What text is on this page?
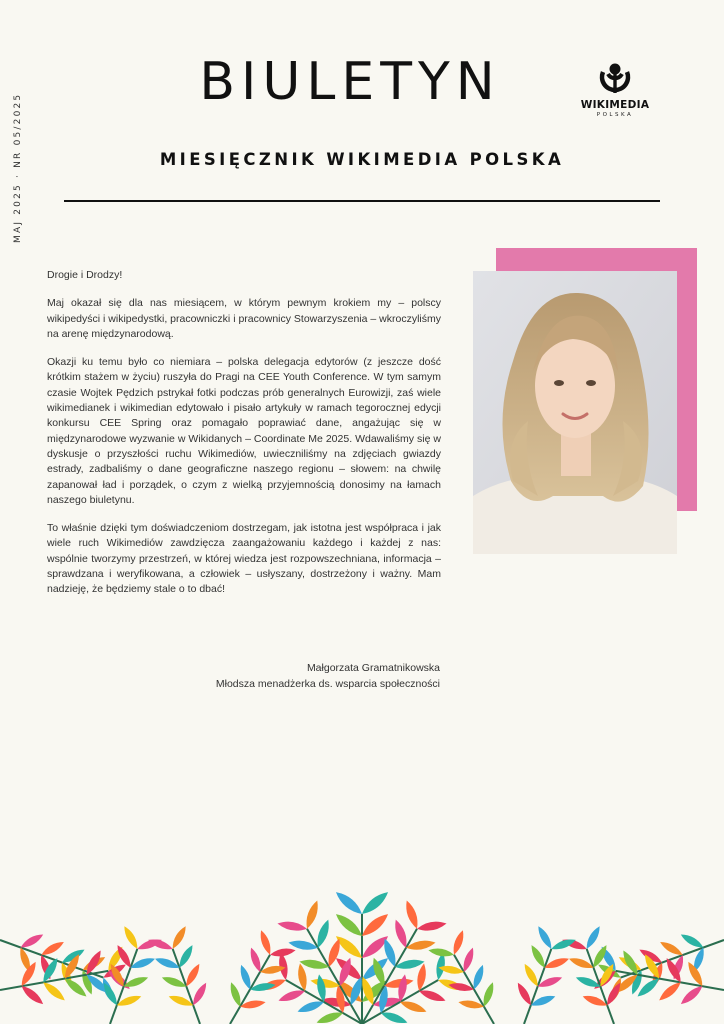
MAJ 2025 · NR 05/2025
BIULETYN	WIKIMEDIA
POLSKA
MIESIĘCZNIK WIKIMEDIA POLSKA

Drogie i Drodzy!

Maj okazał się dla nas miesiącem, w którym pewnym krokiem my – polscy wikipedyści i wikipedystki, pracowniczki i pracownicy Stowarzyszenia – wkroczyliśmy na arenę międzynarodową.

Okazji ku temu było co niemiara – polska delegacja edytorów (z jeszcze dość krótkim stażem w życiu) ruszyła do Pragi na CEE Youth Conference. W tym samym czasie Wojtek Pędzich pstrykał fotki podczas prób generalnych Eurowizji, zaś wiele wikimedianek i wikimedian edytowało i pisało artykuły w ramach tegorocznej edycji konkursu CEE Spring oraz pomagało poprawiać dane, angażując się w międzynarodowe wyzwanie w Wikidanych – Coordinate Me 2025. Wdawaliśmy się w dyskusje o przyszłości ruchu Wikimediów, uwieczniliśmy na zdjęciach gwiazdy estrady, zadbaliśmy o dane geograficzne naszego regionu – słowem: na chwilę zapanował ład i porządek, o czym z wielką przyjemnością donosimy na łamach naszego biuletynu.

To właśnie dzięki tym doświadczeniom dostrzegam, jak istotna jest współpraca i jak wiele ruch Wikimediów zawdzięcza zaangażowaniu każdego i każdej z nas: wspólnie tworzymy przestrzeń, w której wiedza jest rozpowszechniana, informacja – sprawdzana i weryfikowana, a człowiek – usłyszany, dostrzeżony i ważny. Mam nadzieję, że będziemy stale o to dbać!

Małgorzata Gramatnikowska
Młodsza menadżerka ds. wsparcia społeczności
